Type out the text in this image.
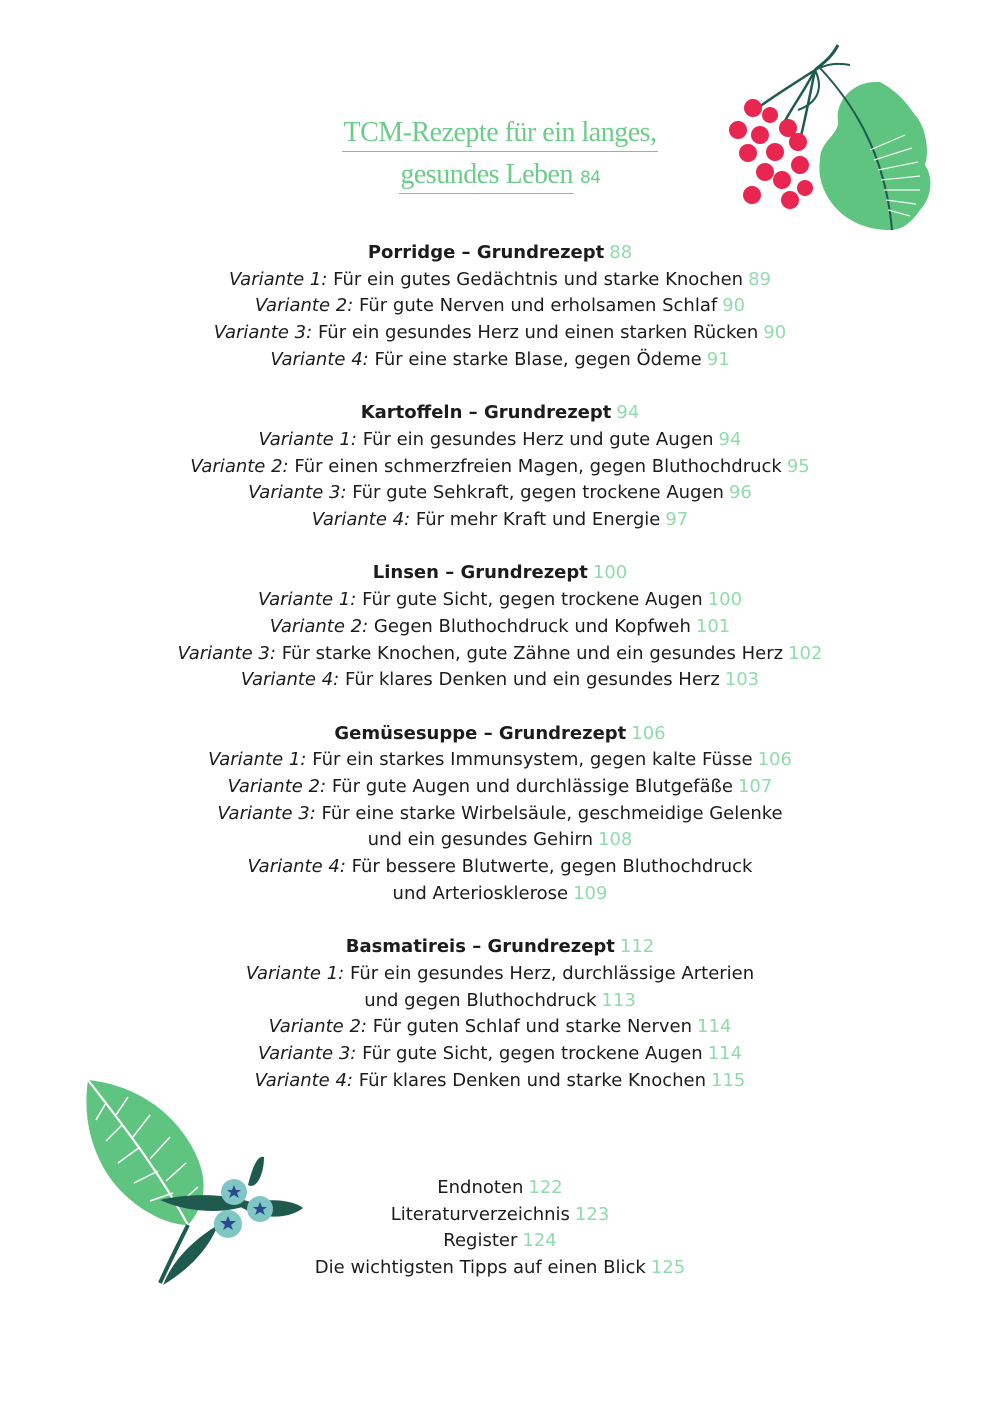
TCM-Rezepte für ein langes,
gesundes Leben 84
Porridge – Grundrezept 88
Variante 1: Für ein gutes Gedächtnis und starke Knochen 89
Variante 2: Für gute Nerven und erholsamen Schlaf 90
Variante 3: Für ein gesundes Herz und einen starken Rücken 90
Variante 4: Für eine starke Blase, gegen Ödeme 91
Kartoffeln – Grundrezept 94
Variante 1: Für ein gesundes Herz und gute Augen 94
Variante 2: Für einen schmerzfreien Magen, gegen Bluthochdruck 95
Variante 3: Für gute Sehkraft, gegen trockene Augen 96
Variante 4: Für mehr Kraft und Energie 97
Linsen – Grundrezept 100
Variante 1: Für gute Sicht, gegen trockene Augen 100
Variante 2: Gegen Bluthochdruck und Kopfweh 101
Variante 3: Für starke Knochen, gute Zähne und ein gesundes Herz 102
Variante 4: Für klares Denken und ein gesundes Herz 103
Gemüsesuppe – Grundrezept 106
Variante 1: Für ein starkes Immunsystem, gegen kalte Füsse 106
Variante 2: Für gute Augen und durchlässige Blutgefäße 107
Variante 3: Für eine starke Wirbelsäule, geschmeidige Gelenke
und ein gesundes Gehirn 108
Variante 4: Für bessere Blutwerte, gegen Bluthochdruck
und Arteriosklerose 109
Basmatireis – Grundrezept 112
Variante 1: Für ein gesundes Herz, durchlässige Arterien
und gegen Bluthochdruck 113
Variante 2: Für guten Schlaf und starke Nerven 114
Variante 3: Für gute Sicht, gegen trockene Augen 114
Variante 4: Für klares Denken und starke Knochen 115
Endnoten 122
Literaturverzeichnis 123
Register 124
Die wichtigsten Tipps auf einen Blick 125
